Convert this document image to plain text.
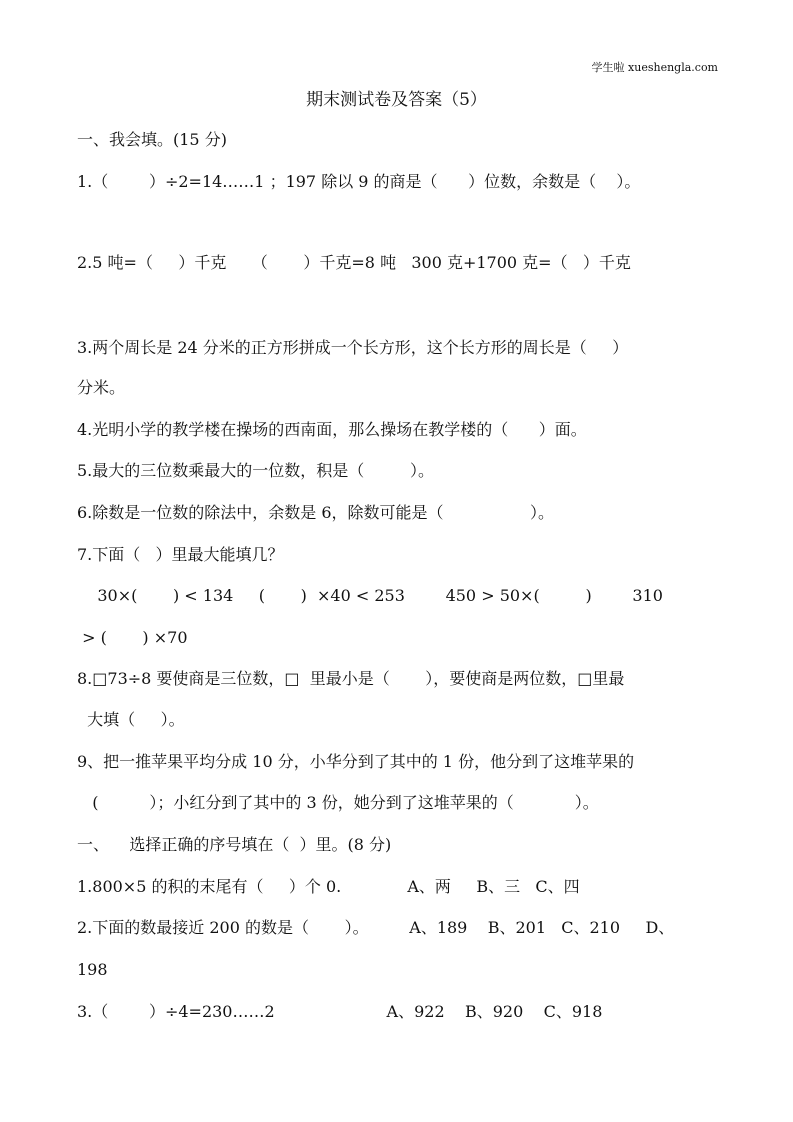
学生啦 xueshengla.com
期末测试卷及答案（5）
一、我会填。(15 分)
1.（        ）÷2=14……1 ；197 除以 9 的商是（      ）位数，余数是（    ）。
2.5 吨=（     ）千克     （       ）千克=8 吨   300 克+1700 克=（   ）千克
3.两个周长是 24 分米的正方形拼成一个长方形，这个长方形的周长是（     ）
分米。
4.光明小学的教学楼在操场的西南面，那么操场在教学楼的（      ）面。
5.最大的三位数乘最大的一位数，积是（         ）。
6.除数是一位数的除法中，余数是 6，除数可能是（                 ）。
7.下面（   ）里最大能填几？
30×(       ) < 134     (       )  ×40 < 253        450 > 50×(         )        310
> (       ) ×70
8.□73÷8 要使商是三位数，□  里最小是（       ），要使商是两位数，□里最
大填（     ）。
9、把一推苹果平均分成 10 分，小华分到了其中的 1 份，他分到了这堆苹果的
(          ）；小红分到了其中的 3 份，她分到了这堆苹果的（            ）。
一、    选择正确的序号填在（  ）里。(8 分)
1.800×5 的积的末尾有（     ）个 0.             A、两     B、三   C、四
2.下面的数最接近 200 的数是（       ）。        A、189    B、201   C、210     D、
198
3.（        ）÷4=230……2                      A、922    B、920    C、918
